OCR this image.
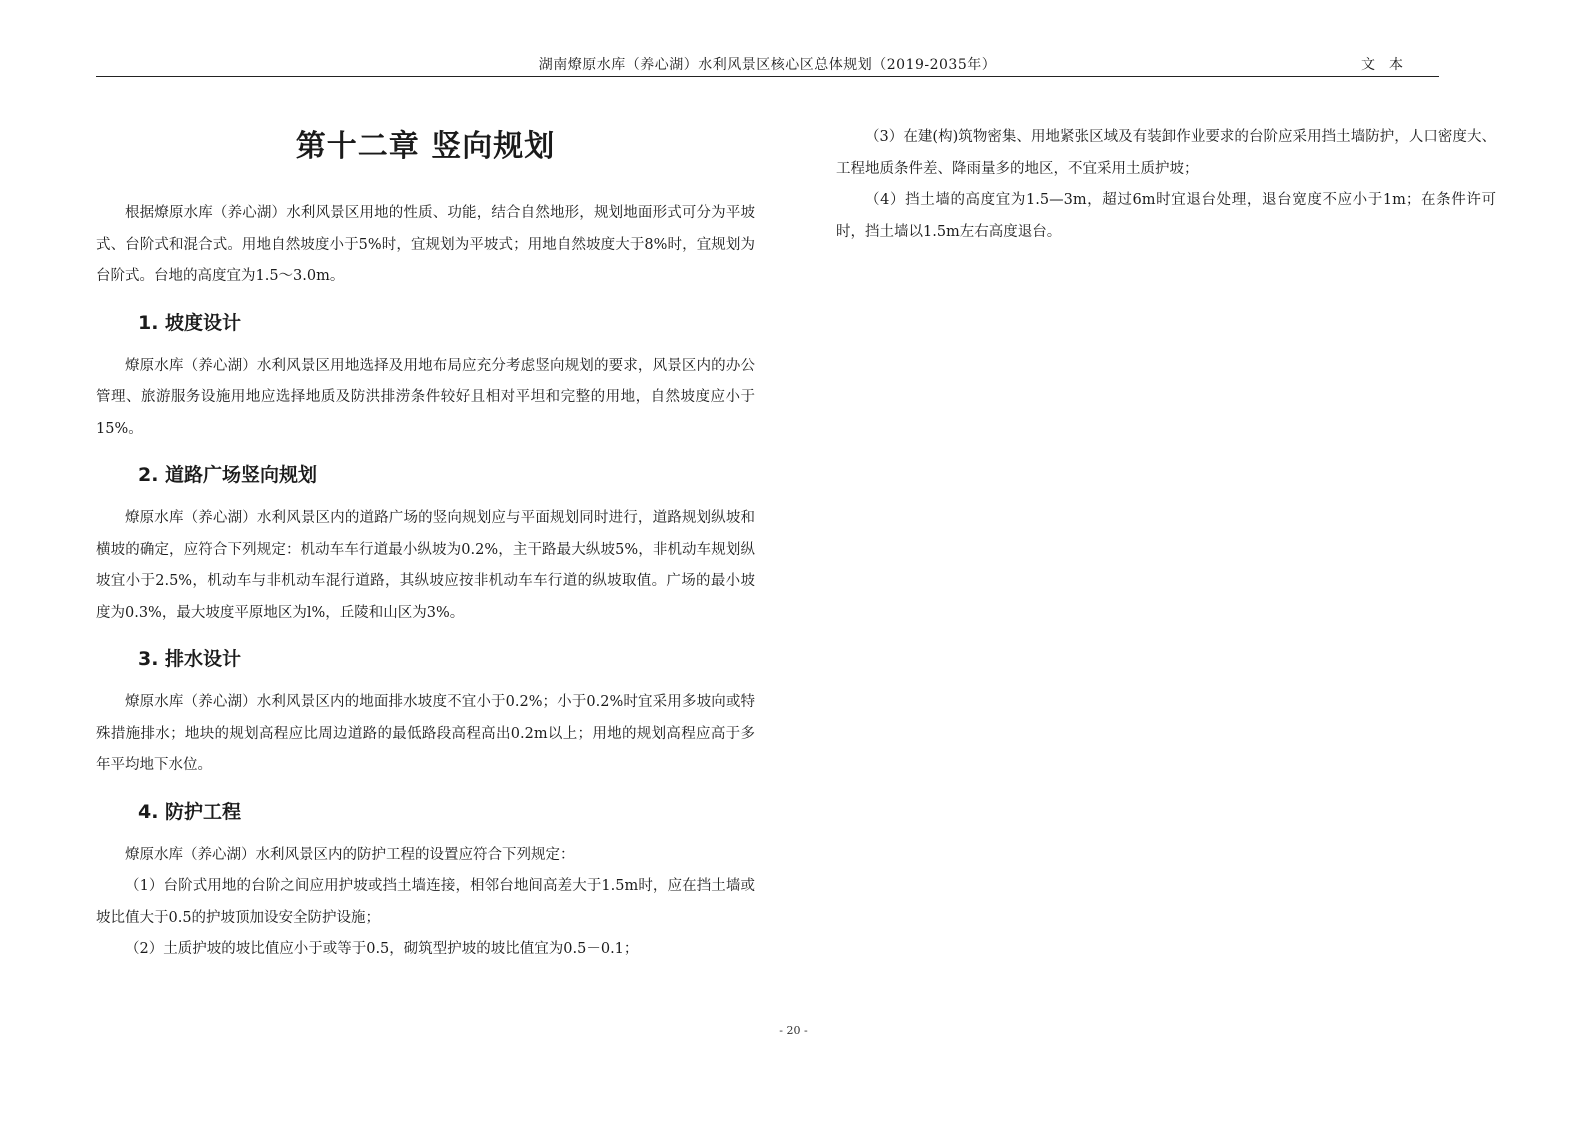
湖南燎原水库（养心湖）水利风景区核心区总体规划（2019-2035年）	文本
第十二章 竖向规划

根据燎原水库（养心湖）水利风景区用地的性质、功能，结合自然地形，规划地面形式可分为平坡式、台阶式和混合式。用地自然坡度小于5%时，宜规划为平坡式；用地自然坡度大于8%时，宜规划为台阶式。台地的高度宜为1.5～3.0m。

1. 坡度设计

燎原水库（养心湖）水利风景区用地选择及用地布局应充分考虑竖向规划的要求，风景区内的办公管理、旅游服务设施用地应选择地质及防洪排涝条件较好且相对平坦和完整的用地，自然坡度应小于15%。

2. 道路广场竖向规划

燎原水库（养心湖）水利风景区内的道路广场的竖向规划应与平面规划同时进行，道路规划纵坡和横坡的确定，应符合下列规定：机动车车行道最小纵坡为0.2%，主干路最大纵坡5%，非机动车规划纵坡宜小于2.5%，机动车与非机动车混行道路，其纵坡应按非机动车车行道的纵坡取值。广场的最小坡度为0.3%，最大坡度平原地区为l%，丘陵和山区为3%。

3. 排水设计

燎原水库（养心湖）水利风景区内的地面排水坡度不宜小于0.2%；小于0.2%时宜采用多坡向或特殊措施排水；地块的规划高程应比周边道路的最低路段高程高出0.2m以上；用地的规划高程应高于多年平均地下水位。

4. 防护工程

燎原水库（养心湖）水利风景区内的防护工程的设置应符合下列规定：

（1）台阶式用地的台阶之间应用护坡或挡土墙连接，相邻台地间高差大于1.5m时，应在挡土墙或坡比值大于0.5的护坡顶加设安全防护设施；

（2）土质护坡的坡比值应小于或等于0.5，砌筑型护坡的坡比值宜为0.5－0.1；

（3）在建(构)筑物密集、用地紧张区域及有装卸作业要求的台阶应采用挡土墙防护，人口密度大、工程地质条件差、降雨量多的地区，不宜采用土质护坡；

（4）挡土墙的高度宜为1.5—3m，超过6m时宜退台处理，退台宽度不应小于1m；在条件许可时，挡土墙以1.5m左右高度退台。

- 20 -
